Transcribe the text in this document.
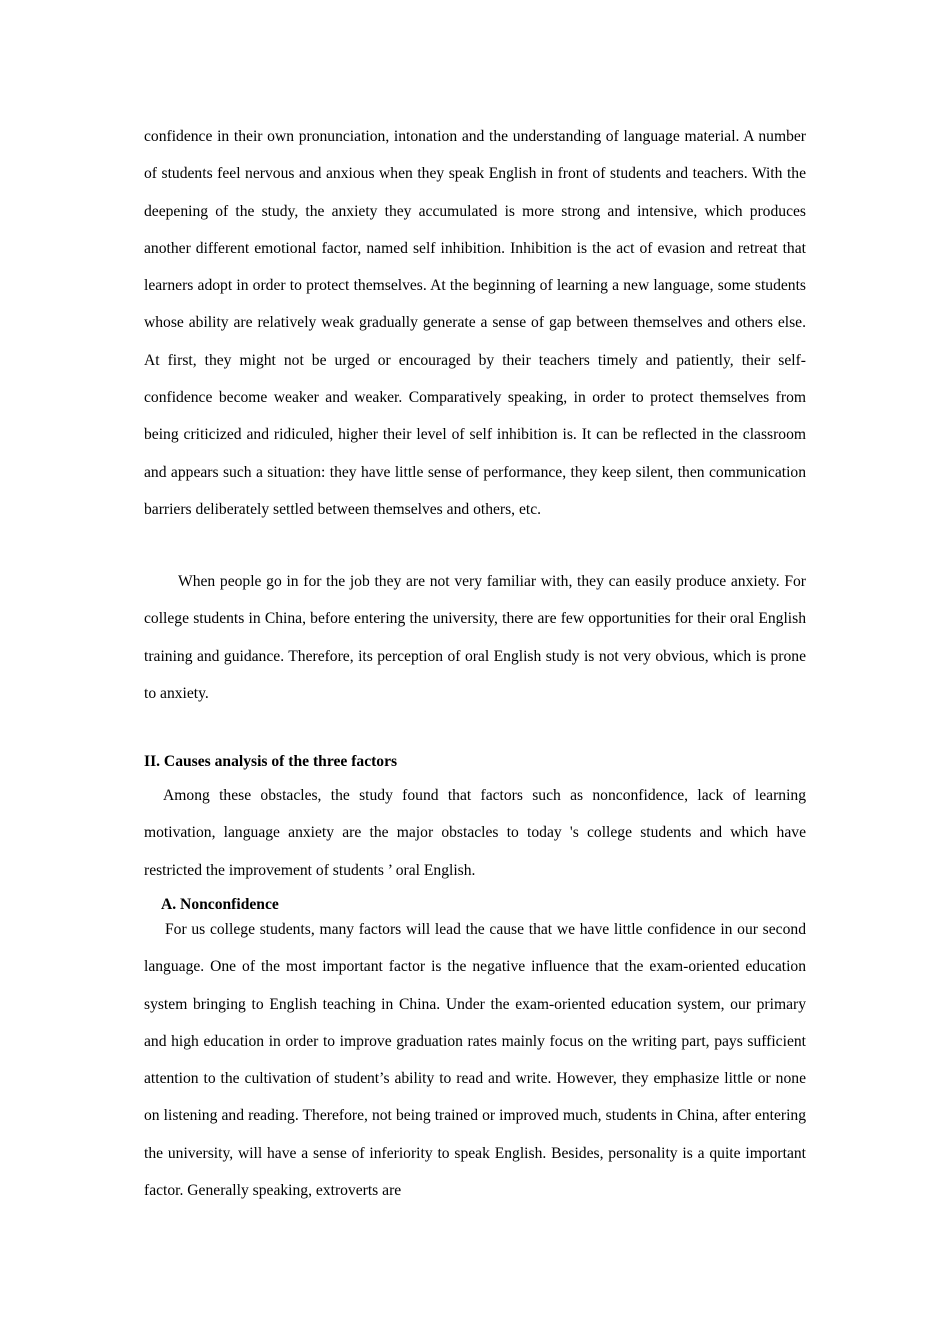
confidence in their own pronunciation, intonation and the understanding of language material. A number of students feel nervous and anxious when they speak English in front of students and teachers. With the deepening of the study, the anxiety they accumulated is more strong and intensive, which produces another different emotional factor, named self inhibition. Inhibition is the act of evasion and retreat that learners adopt in order to protect themselves. At the beginning of learning a new language, some students whose ability are relatively weak gradually generate a sense of gap between themselves and others else. At first, they might not be urged or encouraged by their teachers timely and patiently, their self-confidence become weaker and weaker. Comparatively speaking, in order to protect themselves from being criticized and ridiculed, higher their level of self inhibition is. It can be reflected in the classroom and appears such a situation: they have little sense of performance, they keep silent, then communication barriers deliberately settled between themselves and others, etc.

When people go in for the job they are not very familiar with, they can easily produce anxiety. For college students in China, before entering the university, there are few opportunities for their oral English training and guidance. Therefore, its perception of oral English study is not very obvious, which is prone to anxiety.

II. Causes analysis of the three factors

Among these obstacles, the study found that factors such as nonconfidence, lack of learning motivation, language anxiety are the major obstacles to today 's college students and which have restricted the improvement of students ’ oral English.

A. Nonconfidence

For us college students, many factors will lead the cause that we have little confidence in our second language. One of the most important factor is the negative influence that the exam-oriented education system bringing to English teaching in China. Under the exam-oriented education system, our primary and high education in order to improve graduation rates mainly focus on the writing part, pays sufficient attention to the cultivation of student’s ability to read and write. However, they emphasize little or none on listening and reading. Therefore, not being trained or improved much, students in China, after entering the university, will have a sense of inferiority to speak English. Besides, personality is a quite important factor. Generally speaking, extroverts are
